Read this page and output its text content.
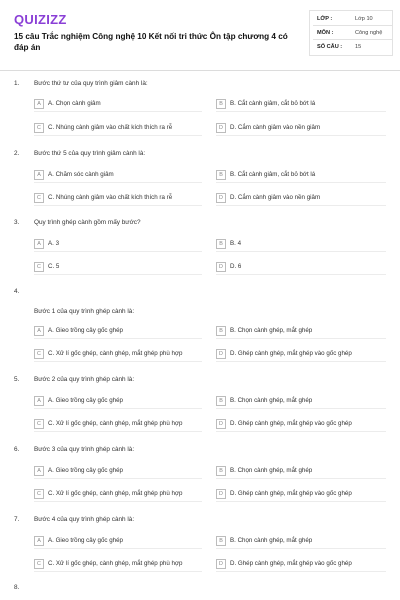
QUIZIZZ
15 câu Trắc nghiệm Công nghệ 10 Kết nối tri thức Ôn tập chương 4 có đáp án
LỚP :	Lớp 10
MÔN :	Công nghệ
SỐ CÂU :	15
1. Bước thứ tư của quy trình giâm cành là:
A	A. Chọn cành giâm	B	B. Cắt cành giâm, cắt bỏ bớt lá
C	C. Nhúng cành giâm vào chất kích thích ra rễ	D	D. Cắm cành giâm vào nền giâm
2. Bước thứ 5 của quy trình giâm cành là:
A	A. Chăm sóc cành giâm	B	B. Cắt cành giâm, cắt bỏ bớt lá
C	C. Nhúng cành giâm vào chất kích thích ra rễ	D	D. Cắm cành giâm vào nền giâm
3. Quy trình ghép cành gồm mấy bước?
A	A. 3	B	B. 4
C	C. 5	D	D. 6
4.
Bước 1 của quy trình ghép cành là:
A	A. Gieo trồng cây gốc ghép	B	B. Chọn cành ghép, mắt ghép
C	C. Xử lí gốc ghép, cành ghép, mắt ghép phù hợp	D	D. Ghép cành ghép, mắt ghép vào gốc ghép
5. Bước 2 của quy trình ghép cành là:
A	A. Gieo trồng cây gốc ghép	B	B. Chọn cành ghép, mắt ghép
C	C. Xử lí gốc ghép, cành ghép, mắt ghép phù hợp	D	D. Ghép cành ghép, mắt ghép vào gốc ghép
6. Bước 3 của quy trình ghép cành là:
A	A. Gieo trồng cây gốc ghép	B	B. Chọn cành ghép, mắt ghép
C	C. Xử lí gốc ghép, cành ghép, mắt ghép phù hợp	D	D. Ghép cành ghép, mắt ghép vào gốc ghép
7. Bước 4 của quy trình ghép cành là:
A	A. Gieo trồng cây gốc ghép	B	B. Chọn cành ghép, mắt ghép
C	C. Xử lí gốc ghép, cành ghép, mắt ghép phù hợp	D	D. Ghép cành ghép, mắt ghép vào gốc ghép
8.
